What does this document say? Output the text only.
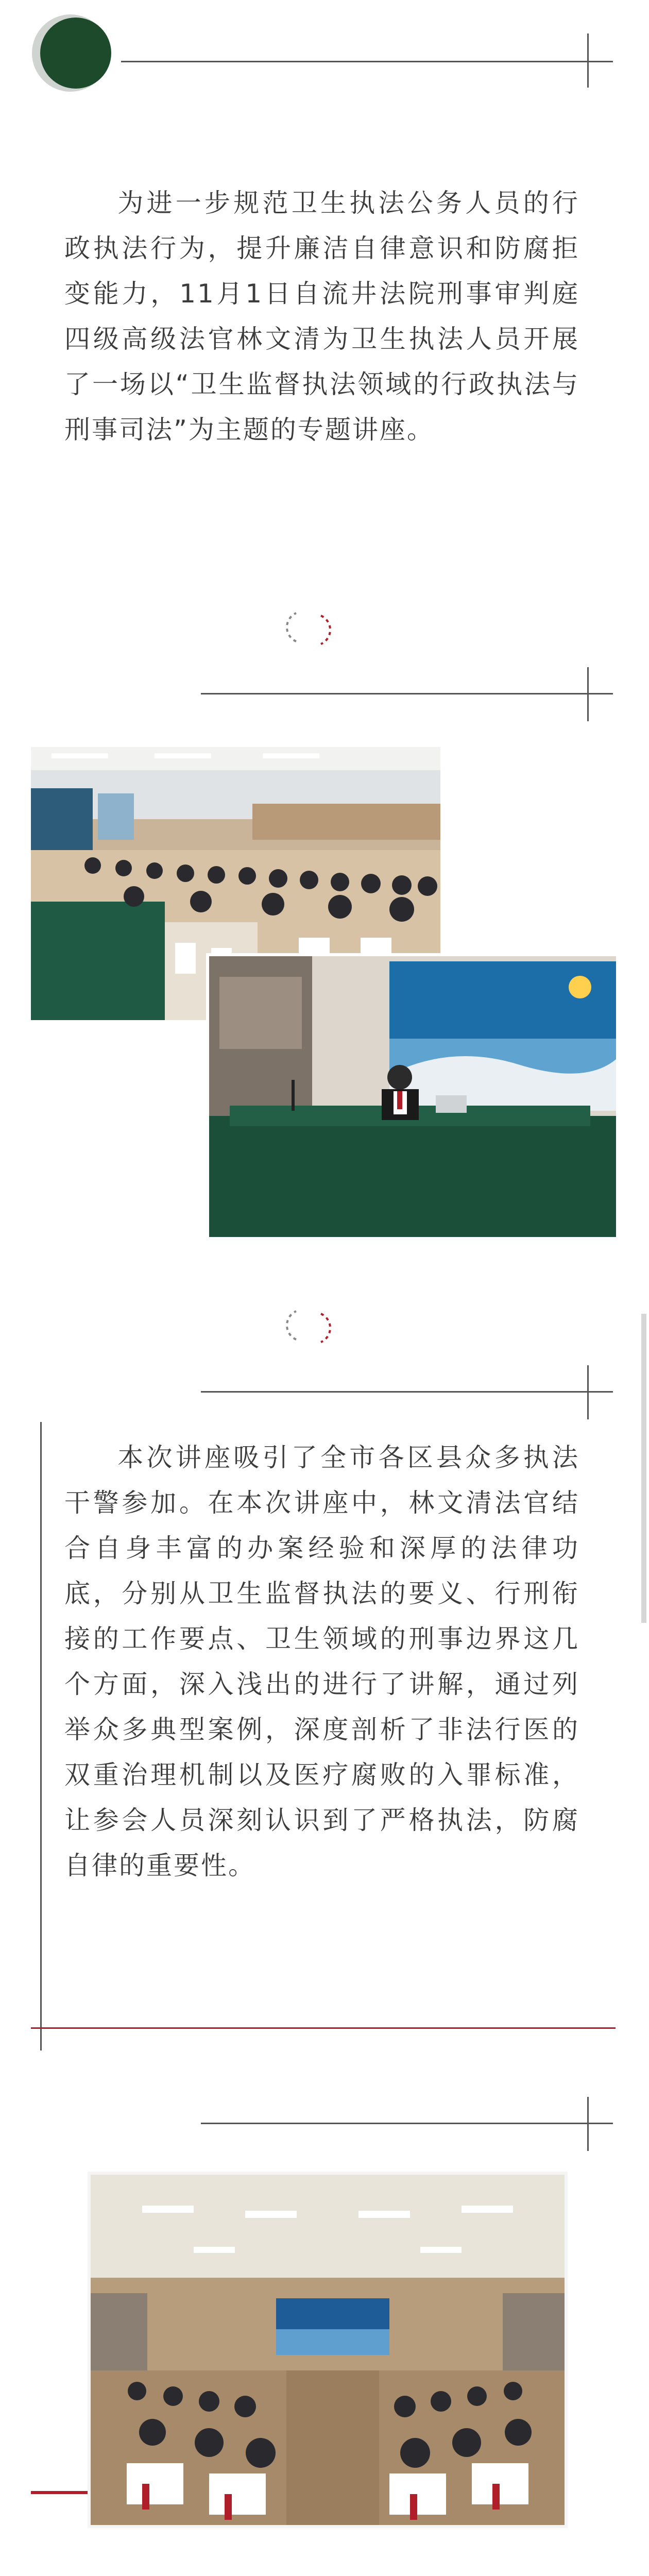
为进一步规范卫生执法公务人员的行政执法行为，提升廉洁自律意识和防腐拒变能力，11月1日自流井法院刑事审判庭四级高级法官林文清为卫生执法人员开展了一场以“卫生监督执法领域的行政执法与刑事司法”为主题的专题讲座。

本次讲座吸引了全市各区县众多执法干警参加。在本次讲座中，林文清法官结合自身丰富的办案经验和深厚的法律功底，分别从卫生监督执法的要义、行刑衔接的工作要点、卫生领域的刑事边界这几个方面，深入浅出的进行了讲解，通过列举众多典型案例，深度剖析了非法行医的双重治理机制以及医疗腐败的入罪标准，让参会人员深刻认识到了严格执法，防腐自律的重要性。
